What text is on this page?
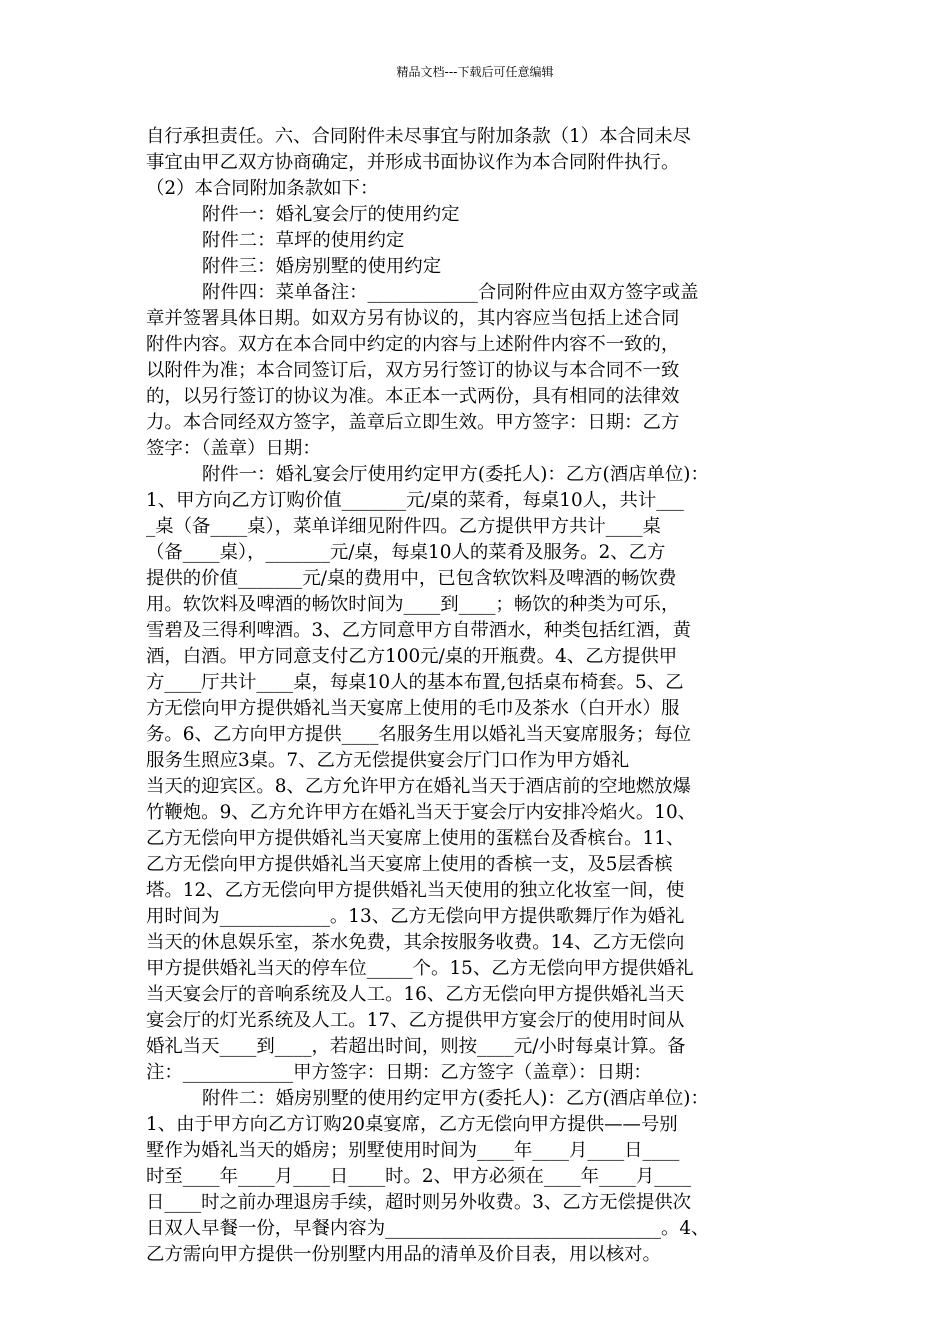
精品文档---下载后可任意编辑
自行承担责任。六、合同附件未尽事宜与附加条款（1）本合同未尽
事宜由甲乙双方协商确定，并形成书面协议作为本合同附件执行。
（2）本合同附加条款如下：
附件一：婚礼宴会厅的使用约定
附件二：草坪的使用约定
附件三：婚房别墅的使用约定
附件四：菜单备注：____________合同附件应由双方签字或盖
章并签署具体日期。如双方另有协议的，其内容应当包括上述合同
附件内容。双方在本合同中约定的内容与上述附件内容不一致的，
以附件为准；本合同签订后，双方另行签订的协议与本合同不一致
的，以另行签订的协议为准。本正本一式两份，具有相同的法律效
力。本合同经双方签字，盖章后立即生效。甲方签字：日期：乙方
签字：（盖章）日期：
附件一：婚礼宴会厅使用约定甲方(委托人)：乙方(酒店单位)：
1、甲方向乙方订购价值_______元/桌的菜肴，每桌10人，共计___
_桌（备____桌），菜单详细见附件四。乙方提供甲方共计____桌
（备____桌），_______元/桌，每桌10人的菜肴及服务。2、乙方
提供的价值_______元/桌的费用中，已包含软饮料及啤酒的畅饮费
用。软饮料及啤酒的畅饮时间为____到____；畅饮的种类为可乐，
雪碧及三得利啤酒。3、乙方同意甲方自带酒水，种类包括红酒，黄
酒，白酒。甲方同意支付乙方100元/桌的开瓶费。4、乙方提供甲
方____厅共计____桌，每桌10人的基本布置,包括桌布椅套。5、乙
方无偿向甲方提供婚礼当天宴席上使用的毛巾及茶水（白开水）服
务。6、乙方向甲方提供____名服务生用以婚礼当天宴席服务；每位
服务生照应3桌。7、乙方无偿提供宴会厅门口作为甲方婚礼
当天的迎宾区。8、乙方允许甲方在婚礼当天于酒店前的空地燃放爆
竹鞭炮。9、乙方允许甲方在婚礼当天于宴会厅内安排冷焰火。10、
乙方无偿向甲方提供婚礼当天宴席上使用的蛋糕台及香槟台。11、
乙方无偿向甲方提供婚礼当天宴席上使用的香槟一支，及5层香槟
塔。12、乙方无偿向甲方提供婚礼当天使用的独立化妆室一间，使
用时间为____________。13、乙方无偿向甲方提供歌舞厅作为婚礼
当天的休息娱乐室，茶水免费，其余按服务收费。14、乙方无偿向
甲方提供婚礼当天的停车位_____个。15、乙方无偿向甲方提供婚礼
当天宴会厅的音响系统及人工。16、乙方无偿向甲方提供婚礼当天
宴会厅的灯光系统及人工。17、乙方提供甲方宴会厅的使用时间从
婚礼当天____到____，若超出时间，则按____元/小时每桌计算。备
注：____________甲方签字：日期：乙方签字（盖章）：日期：
附件二：婚房别墅的使用约定甲方(委托人)：乙方(酒店单位)：
1、由于甲方向乙方订购20桌宴席，乙方无偿向甲方提供——号别
墅作为婚礼当天的婚房；别墅使用时间为____年____月____日____
时至____年____月____日____时。2、甲方必须在____年____月____
日____时之前办理退房手续，超时则另外收费。3、乙方无偿提供次
日双人早餐一份，早餐内容为______________________________。4、
乙方需向甲方提供一份别墅内用品的清单及价目表，用以核对。
